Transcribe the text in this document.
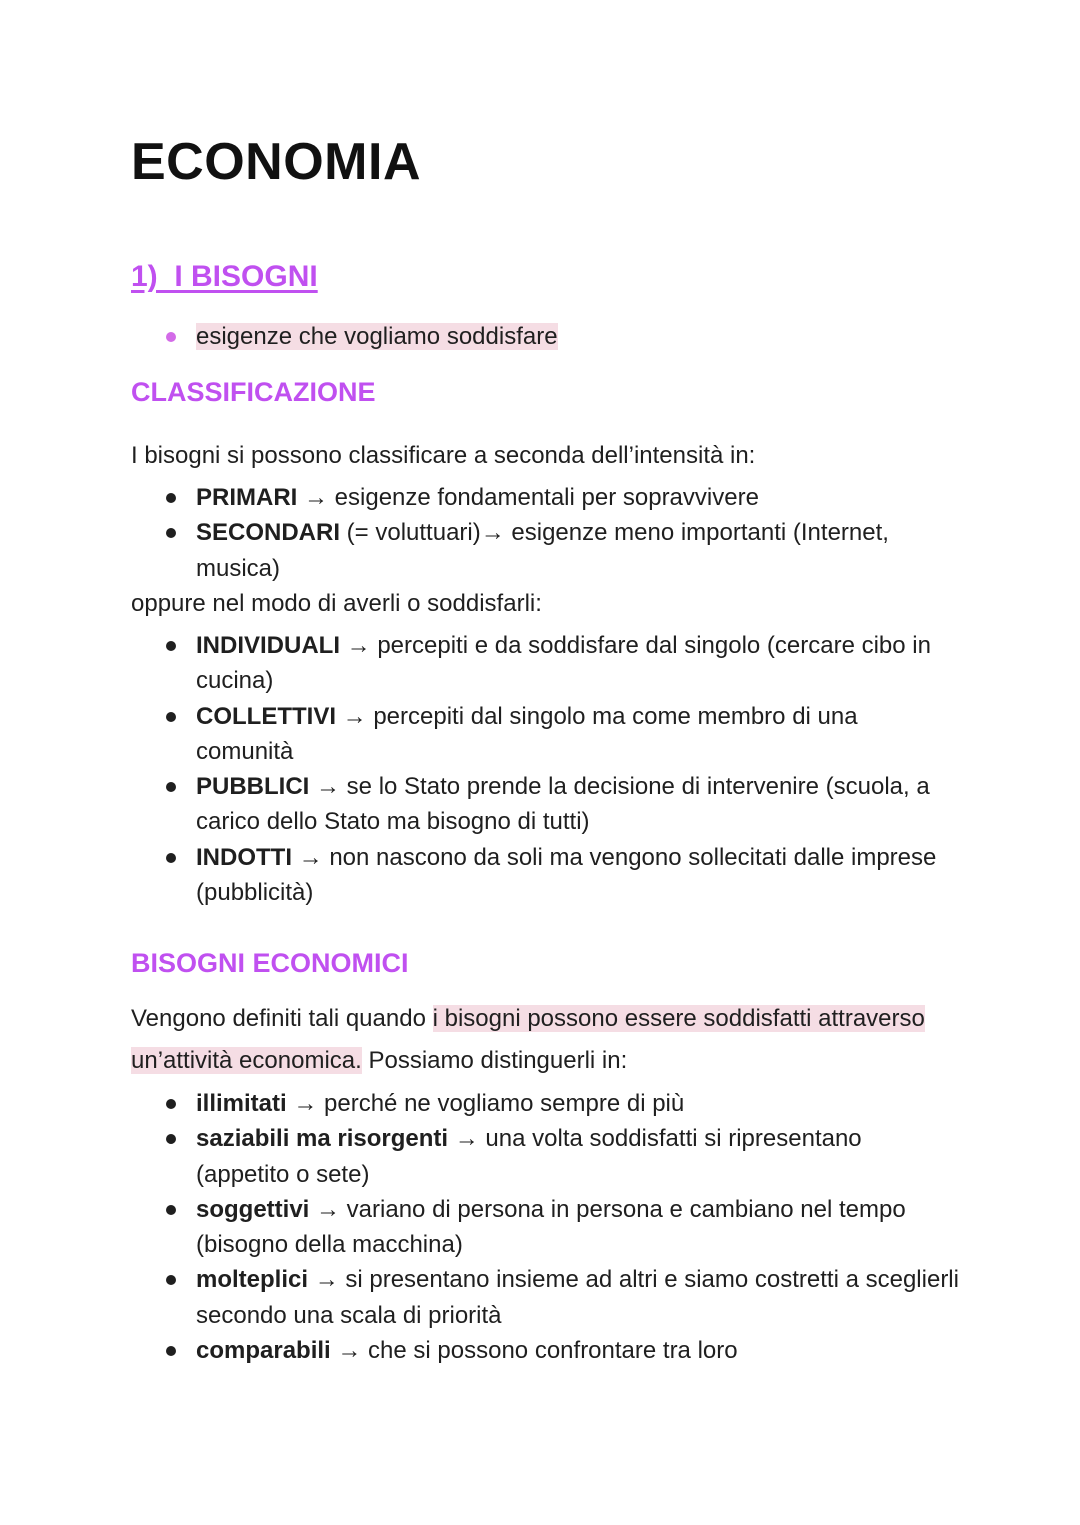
ECONOMIA
1)  I BISOGNI
esigenze che vogliamo soddisfare
CLASSIFICAZIONE

I bisogni si possono classificare a seconda dell’intensità in:

PRIMARI → esigenze fondamentali per sopravvivere
SECONDARI (= voluttuari)→ esigenze meno importanti (Internet, musica)

oppure nel modo di averli o soddisfarli:

INDIVIDUALI → percepiti e da soddisfare dal singolo (cercare cibo in cucina)
COLLETTIVI → percepiti dal singolo ma come membro di una comunità
PUBBLICI → se lo Stato prende la decisione di intervenire (scuola, a carico dello Stato ma bisogno di tutti)
INDOTTI → non nascono da soli ma vengono sollecitati dalle imprese (pubblicità)
BISOGNI ECONOMICI

Vengono definiti tali quando i bisogni possono essere soddisfatti attraverso un’attività economica. Possiamo distinguerli in:

illimitati → perché ne vogliamo sempre di più
saziabili ma risorgenti → una volta soddisfatti si ripresentano (appetito o sete)
soggettivi → variano di persona in persona e cambiano nel tempo (bisogno della macchina)
molteplici → si presentano insieme ad altri e siamo costretti a sceglierli secondo una scala di priorità
comparabili → che si possono confrontare tra loro
